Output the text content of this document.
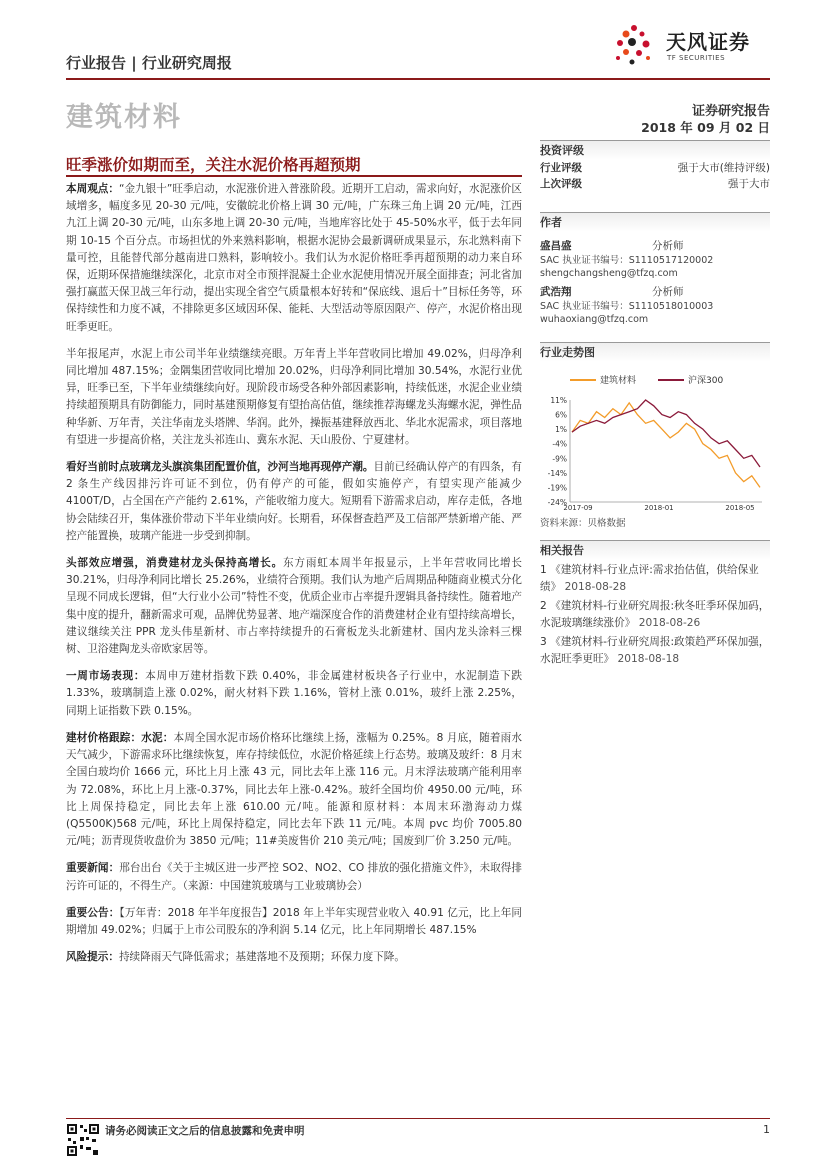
天风证券
TF SECURITIES
行业报告 | 行业研究周报
建筑材料	证券研究报告
2018 年 09 月 02 日
旺季涨价如期而至，关注水泥价格再超预期

本周观点：“金九银十”旺季启动，水泥涨价进入普涨阶段。近期开工启动，需求向好，水泥涨价区域增多，幅度多见 20-30 元/吨，安徽皖北价格上调 30 元/吨，广东珠三角上调 20 元/吨，江西九江上调 20-30 元/吨，山东多地上调 20-30 元/吨，当地库容比处于 45-50%水平，低于去年同期 10-15 个百分点。市场担忧的外来熟料影响，根据水泥协会最新调研成果显示，东北熟料南下量可控，且能替代部分越南进口熟料，影响较小。我们认为水泥价格旺季再超预期的动力来自环保，近期环保措施继续深化，北京市对全市预拌混凝土企业水泥使用情况开展全面排查；河北省加强打赢蓝天保卫战三年行动，提出实现全省空气质量根本好转和“保底线、退后十”目标任务等，环保持续性和力度不减，不排除更多区域因环保、能耗、大型活动等原因限产、停产，水泥价格出现旺季更旺。

半年报尾声，水泥上市公司半年业绩继续亮眼。万年青上半年营收同比增加 49.02%，归母净利同比增加 487.15%；金隅集团营收同比增加 20.02%，归母净利同比增加 30.54%，水泥行业优异，旺季已至，下半年业绩继续向好。现阶段市场受各种外部因素影响，持续低迷，水泥企业业绩持续超预期具有防御能力，同时基建预期修复有望抬高估值，继续推荐海螺龙头海螺水泥，弹性品种华新、万年青，关注华南龙头塔牌、华润。此外，操振基建释放西北、华北水泥需求，项目落地有望进一步提高价格，关注龙头祁连山、冀东水泥、天山股份、宁夏建材。

看好当前时点玻璃龙头旗滨集团配置价值，沙河当地再现停产潮。目前已经确认停产的有四条，有 2 条生产线因排污许可证不到位，仍有停产的可能，假如实施停产，有望实现产能减少 4100T/D，占全国在产产能约 2.61%，产能收缩力度大。短期看下游需求启动，库存走低，各地协会陆续召开，集体涨价带动下半年业绩向好。长期看，环保督查趋严及工信部严禁新增产能、严控产能置换，玻璃产能进一步受到抑制。

头部效应增强，消费建材龙头保持高增长。东方雨虹本周半年报显示，上半年营收同比增长 30.21%，归母净利同比增长 25.26%，业绩符合预期。我们认为地产后周期品种随商业模式分化呈现不同成长逻辑，但“大行业小公司”特性不变，优质企业市占率提升逻辑具备持续性。随着地产集中度的提升，翻新需求可观，品牌优势显著、地产端深度合作的消费建材企业有望持续高增长，建议继续关注 PPR 龙头伟星新材、市占率持续提升的石膏板龙头北新建材、国内龙头涂料三棵树、卫浴建陶龙头帝欧家居等。

一周市场表现：本周申万建材指数下跌 0.40%，非金属建材板块各子行业中，水泥制造下跌 1.33%，玻璃制造上涨 0.02%，耐火材料下跌 1.16%，管材上涨 0.01%，玻纤上涨 2.25%，同期上证指数下跌 0.15%。

建材价格跟踪：水泥：本周全国水泥市场价格环比继续上扬，涨幅为 0.25%。8 月底，随着雨水天气减少，下游需求环比继续恢复，库存持续低位，水泥价格延续上行态势。玻璃及玻纤：8 月末全国白玻均价 1666 元，环比上月上涨 43 元，同比去年上涨 116 元。月末浮法玻璃产能利用率为 72.08%，环比上月上涨-0.37%，同比去年上涨-0.42%。玻纤全国均价 4950.00 元/吨，环比上周保持稳定，同比去年上涨 610.00 元/吨。能源和原材料：本周末环渤海动力煤(Q5500K)568 元/吨，环比上周保持稳定，同比去年下跌 11 元/吨。本周 pvc 均价 7005.80 元/吨；沥青现货收盘价为 3850 元/吨；11#美废售价 210 美元/吨；国废到厂价 3.250 元/吨。

重要新闻：邢台出台《关于主城区进一步严控 SO2、NO2、CO 排放的强化措施文件》，未取得排污许可证的，不得生产。（来源：中国建筑玻璃与工业玻璃协会）

重要公告：【万年青：2018 年半年度报告】2018 年上半年实现营业收入 40.91 亿元，比上年同期增加 49.02%；归属于上市公司股东的净利润 5.14 亿元，比上年同期增长 487.15%

风险提示：持续降雨天气降低需求；基建落地不及预期；环保力度下降。

投资评级
行业评级	强于大市(维持评级)
上次评级	强于大市
作者
盛昌盛	分析师
SAC 执业证书编号：S1110517120002
shengchangsheng@tfzq.com
武浩翔	分析师
SAC 执业证书编号：S1110518010003
wuhaoxiang@tfzq.com
行业走势图
建筑材料	沪深300
11%
6%
1%
-4%
-9%
-14%
-19%
-24%
2017-09	2018-01	2018-05
资料来源：贝格数据
相关报告
1 《建筑材料-行业点评:需求抬估值，供给保业绩》 2018-08-28
2 《建筑材料-行业研究周报:秋冬旺季环保加码，水泥玻璃继续涨价》 2018-08-26
3 《建筑材料-行业研究周报:政策趋严环保加强，水泥旺季更旺》 2018-08-18
请务必阅读正文之后的信息披露和免责申明	1
